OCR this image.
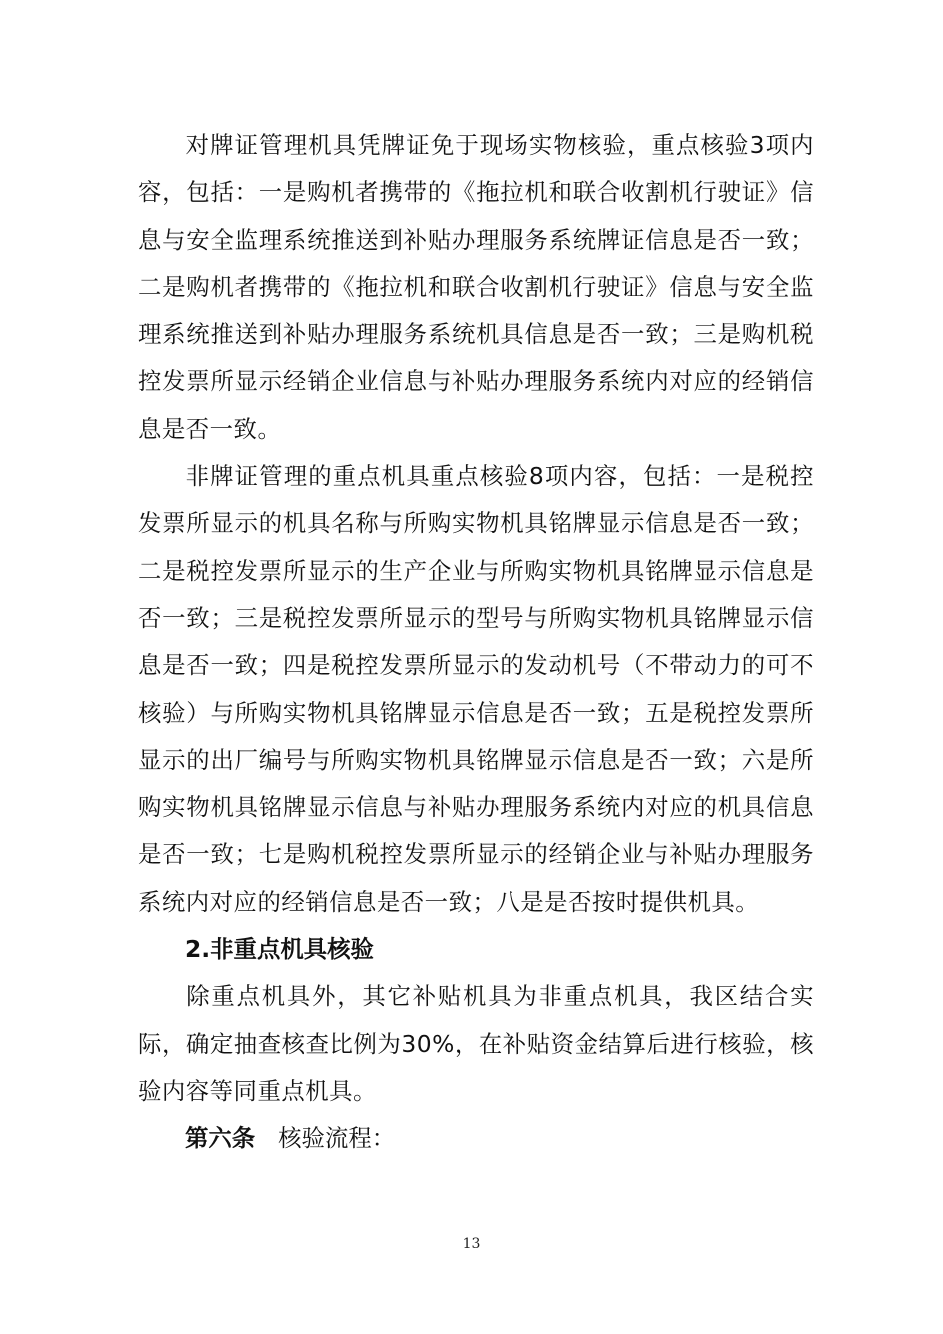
对牌证管理机具凭牌证免于现场实物核验，重点核验3项内容，包括：一是购机者携带的《拖拉机和联合收割机行驶证》信息与安全监理系统推送到补贴办理服务系统牌证信息是否一致；二是购机者携带的《拖拉机和联合收割机行驶证》信息与安全监理系统推送到补贴办理服务系统机具信息是否一致；三是购机税控发票所显示经销企业信息与补贴办理服务系统内对应的经销信息是否一致。

非牌证管理的重点机具重点核验8项内容，包括：一是税控发票所显示的机具名称与所购实物机具铭牌显示信息是否一致；二是税控发票所显示的生产企业与所购实物机具铭牌显示信息是否一致；三是税控发票所显示的型号与所购实物机具铭牌显示信息是否一致；四是税控发票所显示的发动机号（不带动力的可不核验）与所购实物机具铭牌显示信息是否一致；五是税控发票所显示的出厂编号与所购实物机具铭牌显示信息是否一致；六是所购实物机具铭牌显示信息与补贴办理服务系统内对应的机具信息是否一致；七是购机税控发票所显示的经销企业与补贴办理服务系统内对应的经销信息是否一致；八是是否按时提供机具。

2.非重点机具核验

除重点机具外，其它补贴机具为非重点机具，我区结合实际，确定抽查核查比例为30%，在补贴资金结算后进行核验，核验内容等同重点机具。

第六条 核验流程：

13
